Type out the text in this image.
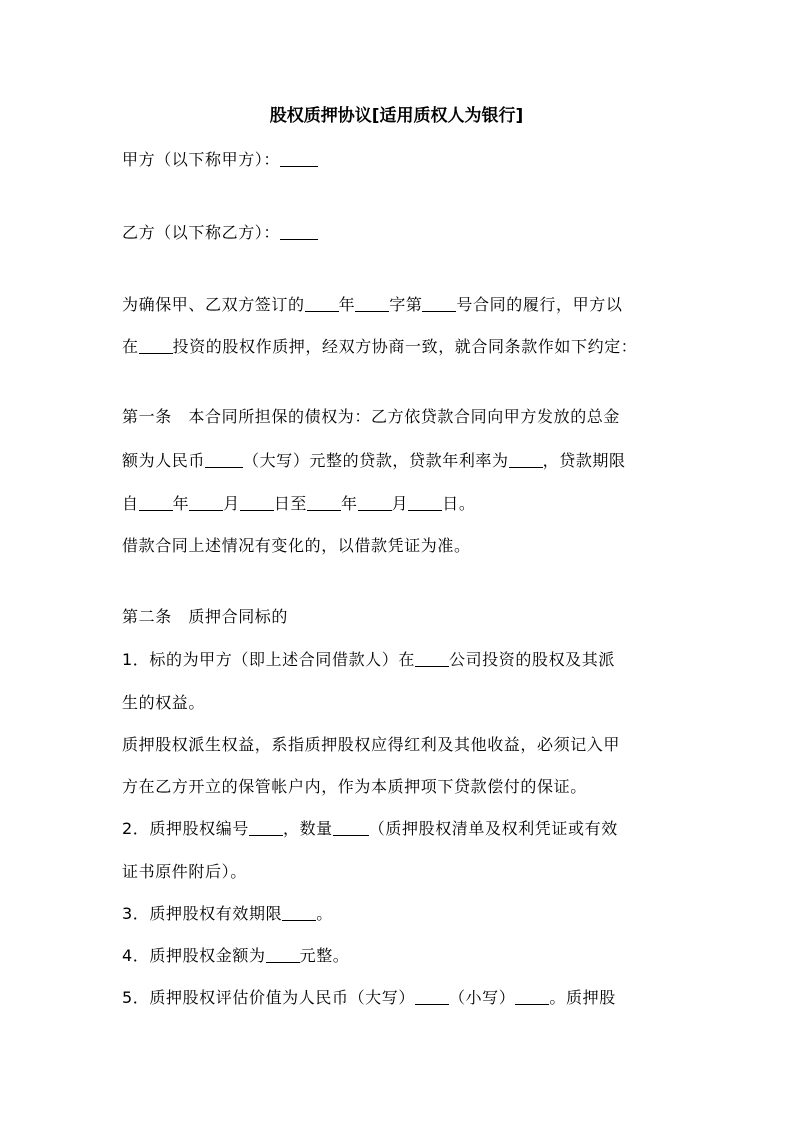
股权质押协议[适用质权人为银行]
甲方（以下称甲方）：
乙方（以下称乙方）：
为确保甲、乙双方签订的 年 字第 号合同的履行，甲方以
在 投资的股权作质押，经双方协商一致，就合同条款作如下约定：
第一条　本合同所担保的债权为：乙方依贷款合同向甲方发放的总金
额为人民币 （大写）元整的贷款，贷款年利率为 ，贷款期限
自 年 月 日至 年 月 日。
借款合同上述情况有变化的，以借款凭证为准。
第二条　质押合同标的
1．标的为甲方（即上述合同借款人）在 公司投资的股权及其派
生的权益。
质押股权派生权益，系指质押股权应得红利及其他收益，必须记入甲
方在乙方开立的保管帐户内，作为本质押项下贷款偿付的保证。
2．质押股权编号 ，数量 （质押股权清单及权利凭证或有效
证书原件附后）。
3．质押股权有效期限 。
4．质押股权金额为 元整。
5．质押股权评估价值为人民币（大写） （小写） 。质押股
